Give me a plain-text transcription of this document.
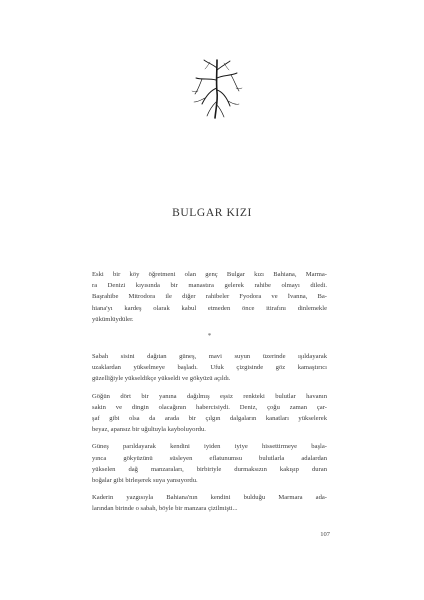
BULGAR KIZI

Eski bir köy öğretmeni olan genç Bulgar kızı Bahiana, Marma-
ra Denizi kıyısında bir manastıra gelerek rahibe olmayı diledi.
Başrahibe Mitrodora ile diğer rahibeler Fyodora ve İvanna, Ba-
hiana'yı kardeş olarak kabul etmeden önce itirafını dinlemekle
yükümlüydüler.

*

Sabah sisini dağıtan güneş, mavi suyun üzerinde ışıldayarak
uzaklardan yükselmeye başladı. Ufuk çizgisinde göz kamaştırıcı
güzelliğiyle yükseldikçe yükseldi ve gökyüzü açıldı.

Göğün dört bir yanına dağılmış eşsiz renkteki bulutlar havanın
sakin ve dingin olacağının habercisiydi. Deniz, çoğu zaman çar-
şaf gibi olsa da arada bir çılgın dalgaların kanatları yükselerek
beyaz, apansız bir uğultuyla kayboluyordu.

Güneş parıldayarak kendini iyiden iyiye hissettirmeye başla-
yınca gökyüzünü süsleyen eflatunumsu bulutlarla adalardan
yükselen dağ manzaraları, birbiriyle durmaksızın kakışıp duran
boğalar gibi birleşerek suya yansıyordu.

Kaderin yazgısıyla Bahiana'nın kendini bulduğu Marmara ada-
larından birinde o sabah, böyle bir manzara çizilmişti...

107
